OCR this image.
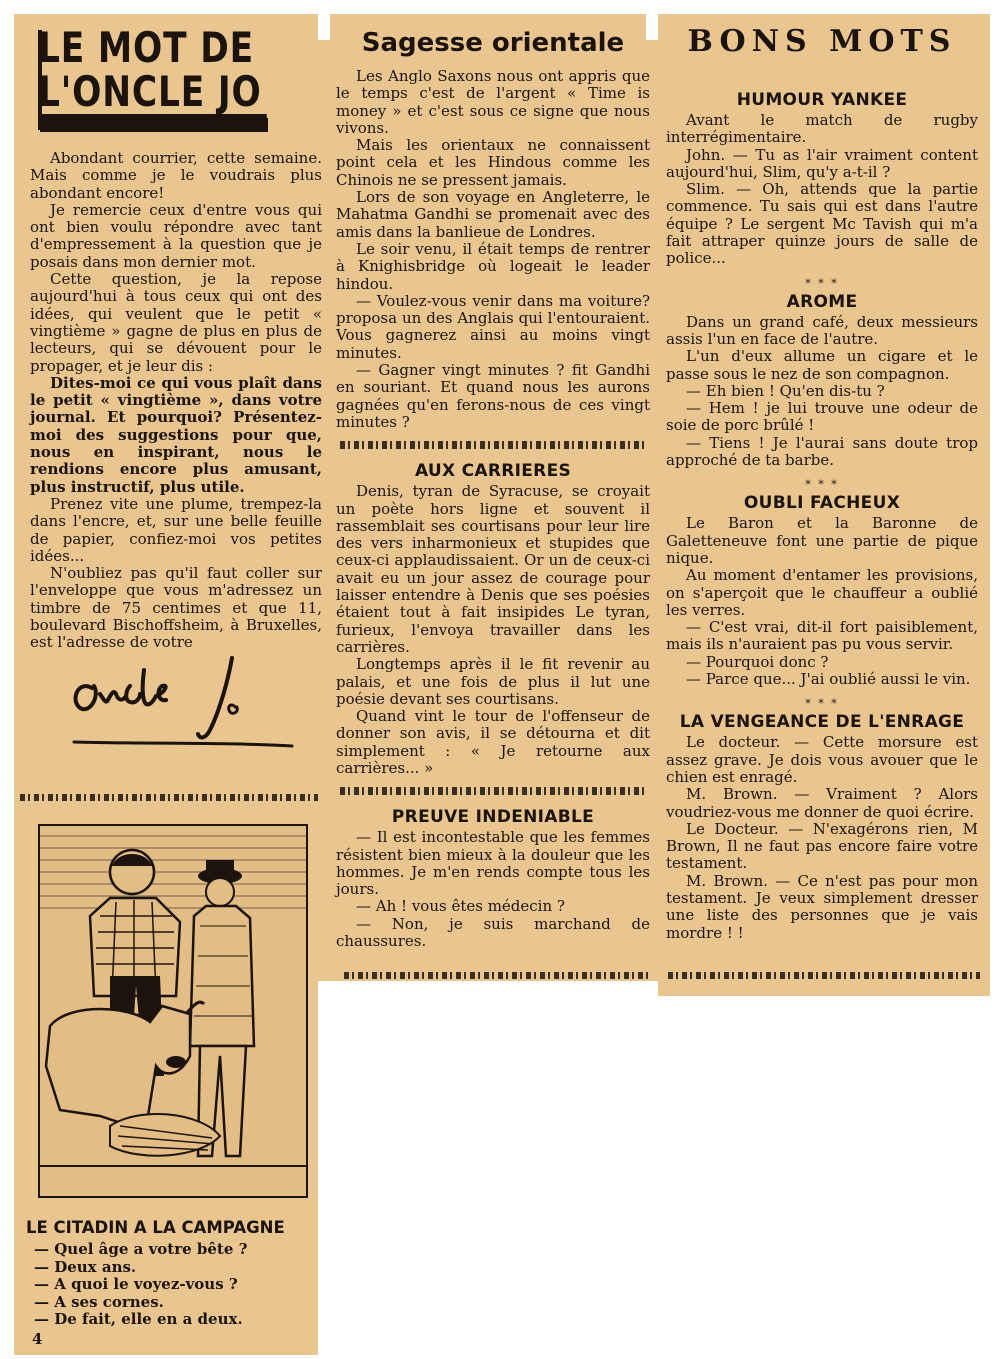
LE MOT DE
L'ONCLE JO

Abondant courrier, cette semaine. Mais comme je le voudrais plus abondant encore!

Je remercie ceux d'entre vous qui ont bien voulu répondre avec tant d'empressement à la question que je posais dans mon dernier mot.

Cette question, je la repose aujourd'hui à tous ceux qui ont des idées, qui veulent que le petit « vingtième » gagne de plus en plus de lecteurs, qui se dévouent pour le propager, et je leur dis :

Dites-moi ce qui vous plaît dans le petit « vingtième », dans votre journal. Et pourquoi? Présentez-moi des suggestions pour que, nous en inspirant, nous le rendions encore plus amusant, plus instructif, plus utile.

Prenez vite une plume, trempez-la dans l'encre, et, sur une belle feuille de papier, confiez-moi vos petites idées...

N'oubliez pas qu'il faut coller sur l'enveloppe que vous m'adressez un timbre de 75 centimes et que 11, boulevard Bischoffsheim, à Bruxelles, est l'adresse de votre

LE CITADIN A LA CAMPAGNE
— Quel âge a votre bête ?
— Deux ans.
— A quoi le voyez-vous ?
— A ses cornes.
— De fait, elle en a deux.
4
Sagesse orientale

Les Anglo Saxons nous ont appris que le temps c'est de l'argent « Time is money » et c'est sous ce signe que nous vivons.

Mais les orientaux ne connaissent point cela et les Hindous comme les Chinois ne se pressent jamais.

Lors de son voyage en Angleterre, le Mahatma Gandhi se promenait avec des amis dans la banlieue de Londres.

Le soir venu, il était temps de rentrer à Knighisbridge où logeait le leader hindou.

— Voulez-vous venir dans ma voiture? proposa un des Anglais qui l'entouraient. Vous gagnerez ainsi au moins vingt minutes.

— Gagner vingt minutes ? fit Gandhi en souriant. Et quand nous les aurons gagnées qu'en ferons-nous de ces vingt minutes ?

AUX CARRIERES

Denis, tyran de Syracuse, se croyait un poète hors ligne et souvent il rassemblait ses courtisans pour leur lire des vers inharmonieux et stupides que ceux-ci applaudissaient. Or un de ceux-ci avait eu un jour assez de courage pour laisser entendre à Denis que ses poésies étaient tout à fait insipides Le tyran, furieux, l'envoya travailler dans les carrières.

Longtemps après il le fit revenir au palais, et une fois de plus il lut une poésie devant ses courtisans.

Quand vint le tour de l'offenseur de donner son avis, il se détourna et dit simplement : « Je retourne aux carrières... »

PREUVE INDENIABLE

— Il est incontestable que les femmes résistent bien mieux à la douleur que les hommes. Je m'en rends compte tous les jours.

— Ah ! vous êtes médecin ?

— Non, je suis marchand de chaussures.

BONS MOTS
HUMOUR YANKEE

Avant le match de rugby interrégimentaire.

John. — Tu as l'air vraiment content aujourd'hui, Slim, qu'y a-t-il ?

Slim. — Oh, attends que la partie commence. Tu sais qui est dans l'autre équipe ? Le sergent Mc Tavish qui m'a fait attraper quinze jours de salle de police...

* * *
AROME

Dans un grand café, deux messieurs assis l'un en face de l'autre.

L'un d'eux allume un cigare et le passe sous le nez de son compagnon.

— Eh bien ! Qu'en dis-tu ?

— Hem ! je lui trouve une odeur de soie de porc brûlé !

— Tiens ! Je l'aurai sans doute trop approché de ta barbe.

* * *
OUBLI FACHEUX

Le Baron et la Baronne de Galetteneuve font une partie de pique nique.

Au moment d'entamer les provisions, on s'aperçoit que le chauffeur a oublié les verres.

— C'est vrai, dit-il fort paisiblement, mais ils n'auraient pas pu vous servir.

— Pourquoi donc ?

— Parce que... J'ai oublié aussi le vin.

* * *
LA VENGEANCE DE L'ENRAGE

Le docteur. — Cette morsure est assez grave. Je dois vous avouer que le chien est enragé.

M. Brown. — Vraiment ? Alors voudriez-vous me donner de quoi écrire.

Le Docteur. — N'exagérons rien, M Brown, Il ne faut pas encore faire votre testament.

M. Brown. — Ce n'est pas pour mon testament. Je veux simplement dresser une liste des personnes que je vais mordre ! !
